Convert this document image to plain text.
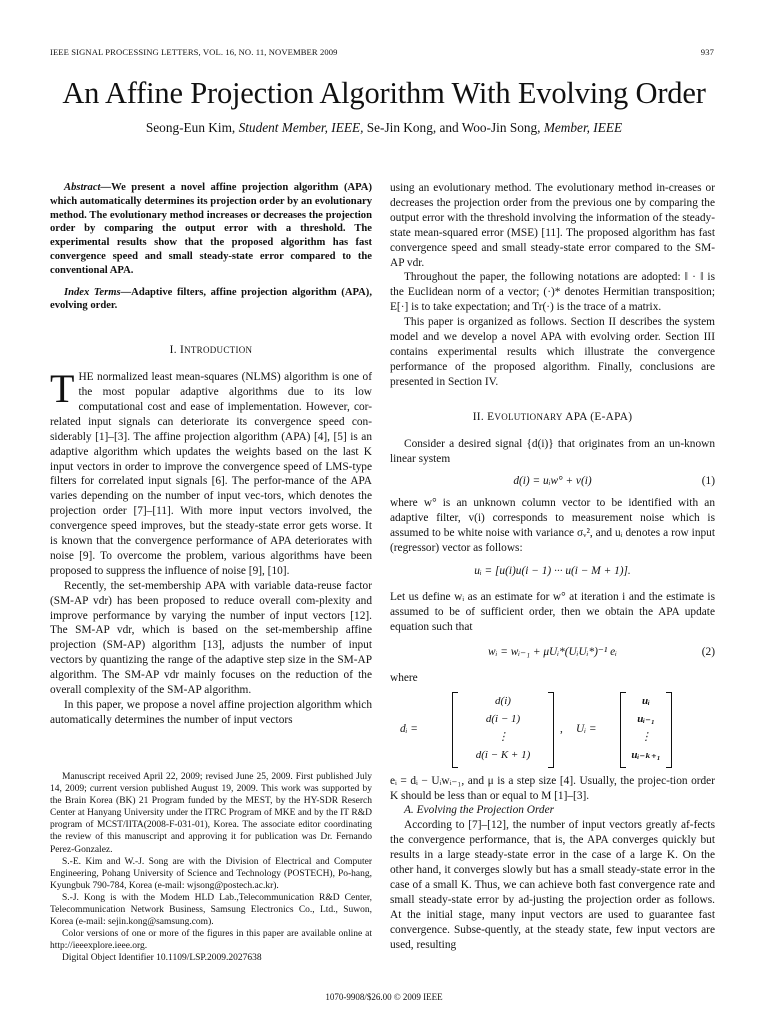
IEEE SIGNAL PROCESSING LETTERS, VOL. 16, NO. 11, NOVEMBER 2009	937
An Affine Projection Algorithm With Evolving Order
Seong-Eun Kim, Student Member, IEEE, Se-Jin Kong, and Woo-Jin Song, Member, IEEE

Abstract—We present a novel affine projection algorithm (APA) which automatically determines its projection order by an evolutionary method. The evolutionary method increases or decreases the projection order by comparing the output error with a threshold. The experimental results show that the proposed algorithm has fast convergence speed and small steady-state error compared to the conventional APA.

Index Terms—Adaptive filters, affine projection algorithm (APA), evolving order.

I. INTRODUCTION

THE normalized least mean-squares (NLMS) algorithm is one of the most popular adaptive algorithms due to its low computational cost and ease of implementation. However, cor-related input signals can deteriorate its convergence speed con-siderably [1]–[3]. The affine projection algorithm (APA) [4], [5] is an adaptive algorithm which updates the weights based on the last K input vectors in order to improve the convergence speed of LMS-type filters for correlated input signals [6]. The perfor-mance of the APA varies depending on the number of input vec-tors, which denotes the projection order [7]–[11]. With more input vectors involved, the convergence speed improves, but the steady-state error gets worse. It is known that the convergence performance of APA deteriorates with noise [9]. To overcome the problem, various algorithms have been proposed to suppress the influence of noise [9], [10].

Recently, the set-membership APA with variable data-reuse factor (SM-AP vdr) has been proposed to reduce overall com-plexity and improve performance by varying the number of input vectors [12]. The SM-AP vdr, which is based on the set-membership affine projection (SM-AP) algorithm [13], adjusts the number of input vectors by quantizing the range of the adaptive step size in the SM-AP algorithm. The SM-AP vdr mainly focuses on the reduction of the overall complexity of the SM-AP algorithm.

In this paper, we propose a novel affine projection algorithm which automatically determines the number of input vectors

Manuscript received April 22, 2009; revised June 25, 2009. First published July 14, 2009; current version published August 19, 2009. This work was supported by the Brain Korea (BK) 21 Program funded by the MEST, by the HY-SDR Reserch Center at Hanyang University under the ITRC Program of MKE and by the IT R&D program of MCST/IITA(2008-F-031-01), Korea. The associate editor coordinating the review of this manuscript and approving it for publication was Dr. Fernando Perez-Gonzalez.

S.-E. Kim and W.-J. Song are with the Division of Electrical and Computer Engineering, Pohang University of Science and Technology (POSTECH), Po-hang, Kyungbuk 790-784, Korea (e-mail: wjsong@postech.ac.kr).

S.-J. Kong is with the Modem HLD Lab.,Telecommunication R&D Center, Telecommunication Network Business, Samsung Electronics Co., Ltd., Suwon, Korea (e-mail: sejin.kong@samsung.com).

Color versions of one or more of the figures in this paper are available online at http://ieeexplore.ieee.org.

Digital Object Identifier 10.1109/LSP.2009.2027638

using an evolutionary method. The evolutionary method in-creases or decreases the projection order from the previous one by comparing the output error with the threshold involving the information of the steady-state mean-squared error (MSE) [11]. The proposed algorithm has fast convergence speed and small steady-state error compared to the SM-AP vdr.

Throughout the paper, the following notations are adopted: ‖ · ‖ is the Euclidean norm of a vector; (·)* denotes Hermitian transposition; E[·] is to take expectation; and Tr(·) is the trace of a matrix.

This paper is organized as follows. Section II describes the system model and we develop a novel APA with evolving order. Section III contains experimental results which illustrate the convergence performance of the proposed algorithm. Finally, conclusions are presented in Section IV.

II. EVOLUTIONARY APA (E-APA)

Consider a desired signal {d(i)} that originates from an un-known linear system

d(i) = uᵢw° + v(i)	(1)

where w° is an unknown column vector to be identified with an adaptive filter, v(i) corresponds to measurement noise which is assumed to be white noise with variance σᵥ², and uᵢ denotes a row input (regressor) vector as follows:

uᵢ = [u(i)u(i − 1) ··· u(i − M + 1)].

Let us define wᵢ as an estimate for w° at iteration i and the estimate is assumed to be of sufficient order, then we obtain the APA update equation such that

wᵢ = wᵢ₋₁ + μUᵢ*(UᵢUᵢ*)⁻¹ eᵢ	(2)

where

dᵢ =
d(i)
d(i − 1)
⋮
d(i − K + 1)
, Uᵢ =
uᵢ
uᵢ₋₁
⋮
uᵢ₋ₖ₊₁

eᵢ = dᵢ − Uᵢwᵢ₋₁, and μ is a step size [4]. Usually, the projec-tion order K should be less than or equal to M [1]–[3].

A. Evolving the Projection Order

According to [7]–[12], the number of input vectors greatly af-fects the convergence performance, that is, the APA converges quickly but results in a large steady-state error in the case of a large K. On the other hand, it converges slowly but has a small steady-state error in the case of a small K. Thus, we can achieve both fast convergence rate and small steady-state error by ad-justing the projection order as follows. At the initial stage, many input vectors are used to guarantee fast convergence. Subse-quently, at the steady state, few input vectors are used, resulting

1070-9908/$26.00 © 2009 IEEE
